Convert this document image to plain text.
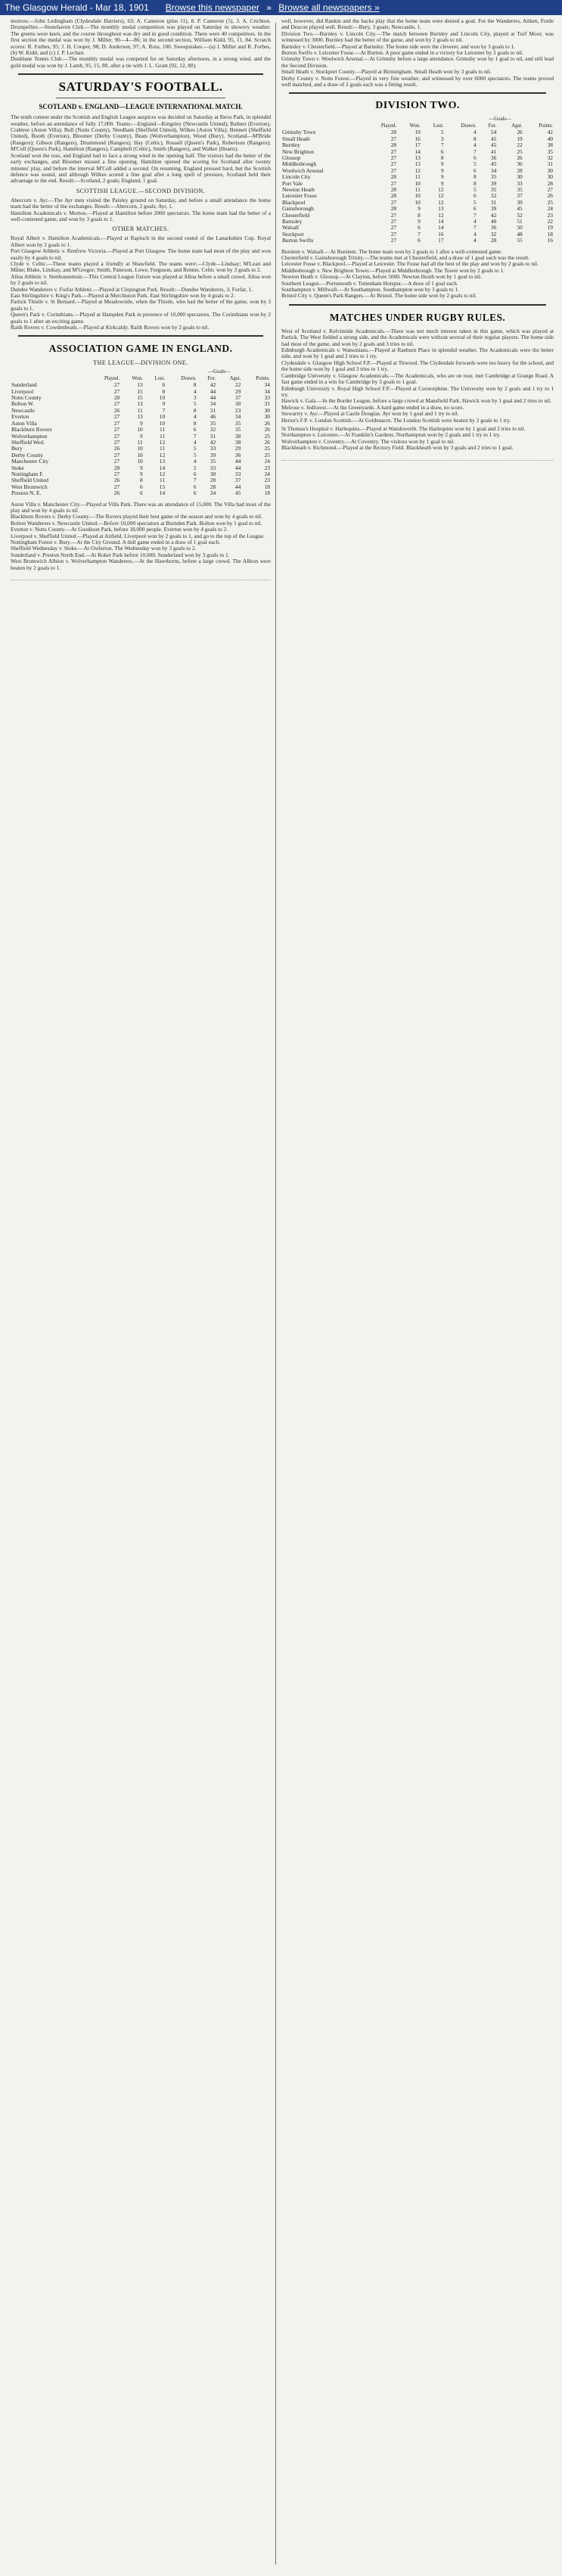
The Glasgow Herald - Mar 18, 1901 Browse this newspaper » Browse all newspapers »

morrow.—John Ledingham (Clydesdale Harriers), 63; A. Cameron (plus 11), 8. P. Cameron (5), 3. A. Crichton. Drumpellier.—Stonehaven Club.—The monthly medal competition was played on Saturday in showery weather. The greens were keen, and the course throughout was dry and in good condition. There were 40 competitors. In the first section the medal was won by J. Miller, 90—4—86; in the second section, William Kidd, 95, 11, 84. Scratch scores: R. Forbes, 95; J. H. Cooper, 98; D. Anderson, 97; A. Ross, 100. Sweepstakes.—(a) J. Miller and R. Forbes, (b) W. Kidd, and (c) J. P. Lechan.
Dunblane Tennis Club.—The monthly medal was competed for on Saturday afternoon, in a strong wind, and the gold medal was won by J. Lamb, 95, 15, 80, after a tie with J. L. Grant (92, 12, 80).

SATURDAY'S FOOTBALL.
SCOTLAND v. ENGLAND—LEAGUE INTERNATIONAL MATCH.

The tenth contest under the Scottish and English League auspices was decided on Saturday at Ibrox Park, in splendid weather, before an attendance of fully 17,000. Teams:—England—Kingsley (Newcastle United); Balmer (Everton), Crabtree (Aston Villa); Bull (Notts County), Needham (Sheffield United), Wilkes (Aston Villa); Bennett (Sheffield United), Booth (Everton), Bloomer (Derby County), Beats (Wolverhampton), Wood (Bury). Scotland—M'Bride (Rangers); Gibson (Rangers), Drummond (Rangers); Hay (Celtic), Russell (Queen's Park), Robertson (Rangers); M'Coll (Queen's Park), Hamilton (Rangers), Campbell (Celtic), Smith (Rangers), and Walker (Hearts).
Scotland won the toss, and England had to face a strong wind in the opening half. The visitors had the better of the early exchanges, and Bloomer missed a fine opening. Hamilton opened the scoring for Scotland after twenty minutes' play, and before the interval M'Coll added a second. On resuming, England pressed hard, but the Scottish defence was sound, and although Wilkes scored a fine goal after a long spell of pressure, Scotland held their advantage to the end. Result:—Scotland, 2 goals; England, 1 goal.

SCOTTISH LEAGUE.—SECOND DIVISION.

Abercorn v. Ayr.—The Ayr men visited the Paisley ground on Saturday, and before a small attendance the home team had the better of the exchanges. Result:—Abercorn, 2 goals; Ayr, 1.
Hamilton Academicals v. Morton.—Played at Hamilton before 2000 spectators. The home team had the better of a well-contested game, and won by 3 goals to 1.

OTHER MATCHES.

Royal Albert v. Hamilton Academicals.—Played at Raploch in the second round of the Lanarkshire Cup. Royal Albert won by 2 goals to 1.
Port Glasgow Athletic v. Renfrew Victoria.—Played at Port Glasgow. The home team had most of the play and won easily by 4 goals to nil.
Clyde v. Celtic.—These teams played a friendly at Shawfield. The teams were:—Clyde—Lindsay; M'Lean and Milne; Blake, Lindsay, and M'Gregor; Smith, Paterson, Lowe, Ferguson, and Rennie. Celtic won by 3 goals to 2.
Alloa Athletic v. Stenhousemuir.—This Central League fixture was played at Alloa before a small crowd. Alloa won by 2 goals to nil.
Dundee Wanderers v. Forfar Athletic.—Played at Clepington Park. Result:—Dundee Wanderers, 3; Forfar, 1.
East Stirlingshire v. King's Park.—Played at Merchiston Park. East Stirlingshire won by 4 goals to 2.
Partick Thistle v. St Bernard.—Played at Meadowside, when the Thistle, who had the better of the game, won by 3 goals to 1.
Queen's Park v. Corinthians.—Played at Hampden Park in presence of 10,000 spectators. The Corinthians won by 2 goals to 1 after an exciting game.
Raith Rovers v. Cowdenbeath.—Played at Kirkcaldy. Raith Rovers won by 2 goals to nil.

ASSOCIATION GAME IN ENGLAND.
THE LEAGUE—DIVISION ONE.
					—Goals—		
	Played.	Won.	Lost.	Drawn.	For.	Agst.	Points.
Sunderland	27	13	6	8	42	22	34
Liverpool	27	15	8	4	44	29	34
Notts County	28	15	10	3	44	37	33
Bolton W.	27	13	9	5	34	30	31
Newcastle	26	11	7	8	31	23	30
Everton	27	13	10	4	46	34	30
Aston Villa	27	9	10	8	35	35	26
Blackburn Rovers	27	10	11	6	32	35	26
Wolverhampton	27	9	11	7	31	38	25
Sheffield Wed.	27	11	12	4	42	38	26
Bury	26	10	11	5	33	29	25
Derby County	27	10	12	5	39	36	25
Manchester City	27	10	13	4	35	44	24
Stoke	28	9	14	5	33	44	23
Nottingham F.	27	9	12	6	30	33	24
Sheffield United	26	8	11	7	28	37	23
West Bromwich	27	6	15	6	28	44	18
Preston N. E.	26	6	14	6	34	45	18

Aston Villa v. Manchester City.—Played at Villa Park. There was an attendance of 15,000. The Villa had most of the play and won by 4 goals to nil.
Blackburn Rovers v. Derby County.—The Rovers played their best game of the season and won by 4 goals to nil.
Bolton Wanderers v. Newcastle United.—Before 10,000 spectators at Burnden Park. Bolton won by 1 goal to nil.
Everton v. Notts County.—At Goodison Park, before 18,000 people. Everton won by 4 goals to 2.
Liverpool v. Sheffield United.—Played at Anfield. Liverpool won by 2 goals to 1, and go to the top of the League.
Nottingham Forest v. Bury.—At the City Ground. A dull game ended in a draw of 1 goal each.
Sheffield Wednesday v. Stoke.—At Owlerton. The Wednesday won by 3 goals to 2.
Sunderland v. Preston North End.—At Roker Park before 10,000. Sunderland won by 3 goals to 1.
West Bromwich Albion v. Wolverhampton Wanderers.—At the Hawthorns, before a large crowd. The Albion were beaten by 2 goals to 1.

well, however, did Rankin and the backs play that the home team were denied a goal. For the Wanderers, Aitken, Forde and Deacon played well. Result:—Bury, 3 goals; Newcastle, 1.
Division Two.—Burnley v. Lincoln City.—The match between Burnley and Lincoln City, played at Turf Moor, was witnessed by 3000. Burnley had the better of the game, and won by 2 goals to nil.
Barnsley v. Chesterfield.—Played at Barnsley. The home side were the cleverer, and won by 3 goals to 1.
Burton Swifts v. Leicester Fosse.—At Burton. A poor game ended in a victory for Leicester by 2 goals to nil.
Grimsby Town v. Woolwich Arsenal.—At Grimsby before a large attendance. Grimsby won by 1 goal to nil, and still lead the Second Division.
Small Heath v. Stockport County.—Played at Birmingham. Small Heath won by 3 goals to nil.
Derby County v. Notts Forest.—Played in very fine weather, and witnessed by over 6000 spectators. The teams proved well matched, and a draw of 2 goals each was a fitting result.

DIVISION TWO.
					—Goals—		
	Played.	Won.	Lost.	Drawn.	For.	Agst.	Points.
Grimsby Town	28	19	5	4	54	26	42
Small Heath	27	16	3	8	45	19	40
Burnley	28	17	7	4	45	22	38
New Brighton	27	14	6	7	41	25	35
Glossop	27	13	8	6	36	26	32
Middlesbrough	27	13	9	5	45	36	31
Woolwich Arsenal	27	12	9	6	34	28	30
Lincoln City	28	11	9	8	35	30	30
Port Vale	27	10	9	8	39	33	28
Newton Heath	28	11	12	5	35	35	27
Leicester Fosse	28	10	12	6	32	37	26
Blackpool	27	10	12	5	31	39	25
Gainsborough	28	9	13	6	39	45	24
Chesterfield	27	8	12	7	42	52	23
Barnsley	27	9	14	4	40	51	22
Walsall	27	6	14	7	36	50	19
Stockport	27	7	16	4	32	48	18
Burton Swifts	27	6	17	4	28	55	16

Burslem v. Walsall.—At Burslem. The home team won by 2 goals to 1 after a well-contested game.
Chesterfield v. Gainsborough Trinity.—The teams met at Chesterfield, and a draw of 1 goal each was the result.
Leicester Fosse v. Blackpool.—Played at Leicester. The Fosse had all the best of the play and won by 2 goals to nil.
Middlesbrough v. New Brighton Tower.—Played at Middlesbrough. The Tower won by 2 goals to 1.
Newton Heath v. Glossop.—At Clayton, before 5000. Newton Heath won by 1 goal to nil.
Southern League.—Portsmouth v. Tottenham Hotspur.—A draw of 1 goal each.
Southampton v. Millwall.—At Southampton. Southampton won by 3 goals to 1.
Bristol City v. Queen's Park Rangers.—At Bristol. The home side won by 2 goals to nil.

MATCHES UNDER RUGBY RULES.

West of Scotland v. Kelvinside Academicals.—There was not much interest taken in this game, which was played at Partick. The West fielded a strong side, and the Academicals were without several of their regular players. The home side had most of the game, and won by 2 goals and 3 tries to nil.
Edinburgh Academicals v. Watsonians.—Played at Raeburn Place in splendid weather. The Academicals were the better side, and won by 1 goal and 2 tries to 1 try.
Clydesdale v. Glasgow High School F.P.—Played at Titwood. The Clydesdale forwards were too heavy for the school, and the home side won by 1 goal and 3 tries to 1 try.
Cambridge University v. Glasgow Academicals.—The Academicals, who are on tour, met Cambridge at Grange Road. A fast game ended in a win for Cambridge by 3 goals to 1 goal.
Edinburgh University v. Royal High School F.P.—Played at Corstorphine. The University won by 2 goals and 1 try to 1 try.
Hawick v. Gala.—In the Border League, before a large crowd at Mansfield Park. Hawick won by 1 goal and 2 tries to nil.
Melrose v. Jedforest.—At the Greenyards. A hard game ended in a draw, no score.
Stewartry v. Ayr.—Played at Castle Douglas. Ayr won by 1 goal and 1 try to nil.
Heriot's F.P. v. London Scottish.—At Goldenacre. The London Scottish were beaten by 2 goals to 1 try.

St Thomas's Hospital v. Harlequins.—Played at Wandsworth. The Harlequins won by 1 goal and 2 tries to nil.
Northampton v. Leicester.—At Franklin's Gardens. Northampton won by 2 goals and 1 try to 1 try.
Wolverhampton v. Coventry.—At Coventry. The visitors won by 1 goal to nil.
Blackheath v. Richmond.—Played at the Rectory Field. Blackheath won by 3 goals and 2 tries to 1 goal.
